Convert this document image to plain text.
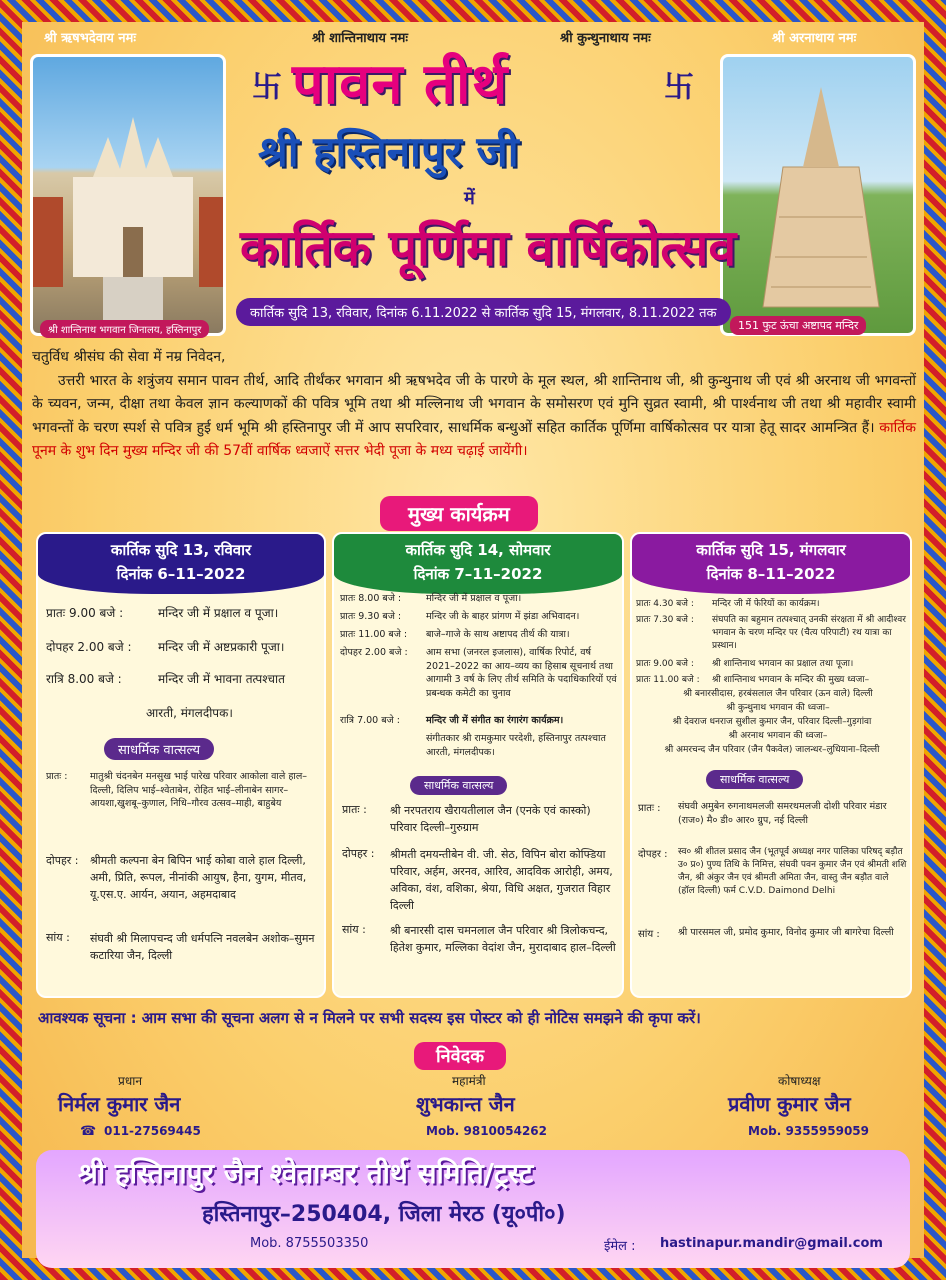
श्री ऋषभदेवाय नमः	श्री शान्तिनाथाय नमः	श्री कुन्थुनाथाय नमः	श्री अरनाथाय नमः
श्री शान्तिनाथ भगवान जिनालय, हस्तिनापुर	151 फुट ऊंचा अष्टापद मन्दिर
卐	卐
पावन तीर्थ
श्री हस्तिनापुर जी
में
कार्तिक पूर्णिमा वार्षिकोत्सव
कार्तिक सुदि 13, रविवार, दिनांक 6.11.2022 से कार्तिक सुदि 15, मंगलवार, 8.11.2022 तक
चतुर्विध श्रीसंघ की सेवा में नम्र निवेदन,
उत्तरी भारत के शत्रुंजय समान पावन तीर्थ, आदि तीर्थंकर भगवान श्री ऋषभदेव जी के पारणे के मूल स्थल, श्री शान्तिनाथ जी, श्री कुन्थुनाथ जी एवं श्री अरनाथ जी भगवन्तों के च्यवन, जन्म, दीक्षा तथा केवल ज्ञान कल्याणकों की पवित्र भूमि तथा श्री मल्लिनाथ जी भगवान के समोसरण एवं मुनि सुव्रत स्वामी, श्री पार्श्वनाथ जी तथा श्री महावीर स्वामी भगवन्तों के चरण स्पर्श से पवित्र हुई धर्म भूमि श्री हस्तिनापुर जी में आप सपरिवार, साधर्मिक बन्धुओं सहित कार्तिक पूर्णिमा वार्षिकोत्सव पर यात्रा हेतू सादर आमन्त्रित हैं। कार्तिक पूनम के शुभ दिन मुख्य मन्दिर जी की 57वीं वार्षिक ध्वजाऐं सत्तर भेदी पूजा के मध्य चढ़ाई जायेंगी।
मुख्य कार्यक्रम
कार्तिक सुदि 13, रविवार
दिनांक 6–11–2022
प्रातः 9.00 बजे :	मन्दिर जी में प्रक्षाल व पूजा।
दोपहर 2.00 बजे : मन्दिर जी में अष्टप्रकारी पूजा।
रात्रि 8.00 बजे :	मन्दिर जी में भावना तत्पश्चात
आरती, मंगलदीपक।
साधर्मिक वात्सल्य
प्रातः : मातुश्री चंदनबेन मनसुख भाई पारेख परिवार आकोला वाले हाल–दिल्ली, दिलिप भाई–श्वेताबेन, रोहित भाई–लीनाबेन सागर–आयशा,खुशबू–कुणाल, निधि–गौरव उत्सव–माही, बाहुबेय
दोपहर : श्रीमती कल्पना बेन बिपिन भाई कोबा वाले हाल दिल्ली, अमी, प्रिति, रूपल, नीनांकी आयुष, हैना, युगम, मीतव, यू.एस.ए. आर्यन, अयान, अहमदाबाद
सांय : संघवी श्री मिलापचन्द जी धर्मपत्नि नवलबेन अशोक–सुमन कटारिया जैन, दिल्ली
कार्तिक सुदि 14, सोमवार
दिनांक 7–11–2022
प्रातः 8.00 बजे :	मन्दिर जी में प्रक्षाल व पूजा।
प्रातः 9.30 बजे :	मन्दिर जी के बाहर प्रांगण में झंडा अभिवादन।
प्रातः 11.00 बजे : बाजे–गाजे के साथ अष्टापद तीर्थ की यात्रा।
दोपहर 2.00 बजे : आम सभा (जनरल इजलास), वार्षिक रिपोर्ट, वर्ष 2021–2022 का आय–व्यय का हिसाब सूचनार्थ तथा आगामी 3 वर्ष के लिए तीर्थ समिति के पदाधिकारियों एवं प्रबन्धक कमेटी का चुनाव
रात्रि 7.00 बजे :	मन्दिर जी में संगीत का रंगारंग कार्यक्रम।
संगीतकार श्री रामकुमार परदेशी, हस्तिनापुर तत्पश्चात आरती, मंगलदीपक।
साधर्मिक वात्सल्य
प्रातः : श्री नरपतराय खैरायतीलाल जैन (एनके एवं कास्को) परिवार दिल्ली–गुरुग्राम
दोपहर : श्रीमती दमयन्तीबेन वी. जी. सेठ, विपिन बोरा कोफ्डिया परिवार, अर्हम, अरनव, आरिव, आदविक आरोही, अमय, अविका, वंश, वशिका, श्रेया, विधि अक्षत, गुजरात विहार दिल्ली
सांय : श्री बनारसी दास चमनलाल जैन परिवार श्री त्रिलोकचन्द, हितेश कुमार, मल्लिका वेदांश जैन, मुरादाबाद हाल–दिल्ली
कार्तिक सुदि 15, मंगलवार
दिनांक 8–11–2022
प्रातः 4.30 बजे : मन्दिर जी में फेरियों का कार्यक्रम।
प्रातः 7.30 बजे : संघपति का बहुमान तत्पश्चात् उनकी संरक्षता में श्री आदीश्वर भगवान के चरण मन्दिर पर (चैत्य परिपाटी) रथ यात्रा का प्रस्थान।
प्रातः 9.00 बजे : श्री शान्तिनाथ भगवान का प्रक्षाल तथा पूजा।
प्रातः 11.00 बजे : श्री शान्तिनाथ भगवान के मन्दिर की मुख्य ध्वजा–
श्री बनारसीदास, हरबंसलाल जैन परिवार (ऊन वाले) दिल्ली
श्री कुन्थुनाथ भगवान की ध्वजा–
श्री देवराज धनराज सुशील कुमार जैन, परिवार दिल्ली–गुड़गांवा
श्री अरनाथ भगवान की ध्वजा–
श्री अमरचन्द जैन परिवार (जैन पैकवेल) जालन्धर–लुधियाना–दिल्ली
साधर्मिक वात्सल्य
प्रातः : संघवी अमुबेन रुगनाथमलजी समरथमलजी दोशी परिवार मंडार (राज०) मै० डी० आर० ग्रुप, नई दिल्ली
दोपहर : स्व० श्री शीतल प्रसाद जैन (भूतपूर्व अध्यक्ष नगर पालिका परिषद् बड़ौत उ० प्र०) पुण्य तिथि के निमित्त, संघवी पवन कुमार जैन एवं श्रीमती शशि जैन, श्री अंकुर जैन एवं श्रीमती अमिता जैन, वास्तु जैन बड़ौत वाले (हॉल दिल्ली) फर्म C.V.D. Daimond Delhi
सांय : श्री पारसमल जी, प्रमोद कुमार, विनोद कुमार जी बागरेचा दिल्ली
आवश्यक सूचना : आम सभा की सूचना अलग से न मिलने पर सभी सदस्य इस पोस्टर को ही नोटिस समझने की कृपा करें।
निवेदक
प्रधान
निर्मल कुमार जैन
☎ 011-27569445
महामंत्री
शुभकान्त जैन
Mob. 9810054262
कोषाध्यक्ष
प्रवीण कुमार जैन
Mob. 9355959059
श्री हस्तिनापुर जैन श्वेताम्बर तीर्थ समिति/ट्रस्ट
हस्तिनापुर–250404, जिला मेरठ (यू०पी०)
Mob. 8755503350	ईमेल : hastinapur.mandir@gmail.com
